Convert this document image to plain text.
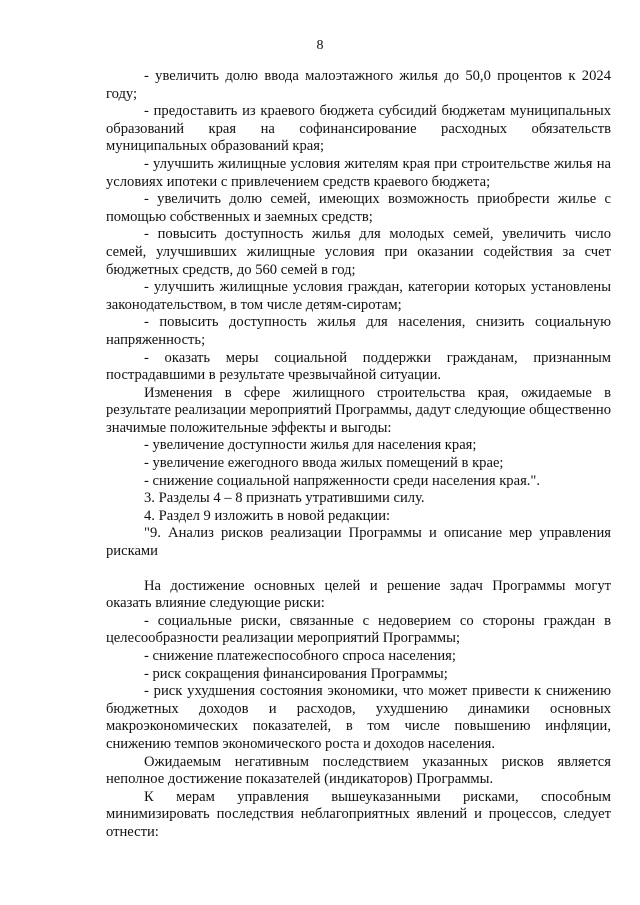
8

- увеличить долю ввода малоэтажного жилья до 50,0 процентов к 2024 году;

- предоставить из краевого бюджета субсидий бюджетам муниципальных образований края на софинансирование расходных обязательств муниципальных образований края;

- улучшить жилищные условия жителям края при строительстве жилья на условиях ипотеки с привлечением средств краевого бюджета;

- увеличить долю семей, имеющих возможность приобрести жилье с помощью собственных и заемных средств;

- повысить доступность жилья для молодых семей, увеличить число семей, улучшивших жилищные условия при оказании содействия за счет бюджетных средств, до 560 семей в год;

- улучшить жилищные условия граждан, категории которых установлены законодательством, в том числе детям-сиротам;

- повысить доступность жилья для населения, снизить социальную напряженность;

- оказать меры социальной поддержки гражданам, признанным пострадавшими в результате чрезвычайной ситуации.

Изменения в сфере жилищного строительства края, ожидаемые в результате реализации мероприятий Программы, дадут следующие общественно значимые положительные эффекты и выгоды:

- увеличение доступности жилья для населения края;

- увеличение ежегодного ввода жилых помещений в крае;

- снижение социальной напряженности среди населения края.".

3. Разделы 4 – 8 признать утратившими силу.

4. Раздел 9 изложить в новой редакции:

"9. Анализ рисков реализации Программы и описание мер управления рисками

На достижение основных целей и решение задач Программы могут оказать влияние следующие риски:

- социальные риски, связанные с недоверием со стороны граждан в целесообразности реализации мероприятий Программы;

- снижение платежеспособного спроса населения;

- риск сокращения финансирования Программы;

- риск ухудшения состояния экономики, что может привести к снижению бюджетных доходов и расходов, ухудшению динамики основных макроэкономических показателей, в том числе повышению инфляции, снижению темпов экономического роста и доходов населения.

Ожидаемым негативным последствием указанных рисков является неполное достижение показателей (индикаторов) Программы.

К мерам управления вышеуказанными рисками, способным минимизировать последствия неблагоприятных явлений и процессов, следует отнести:
